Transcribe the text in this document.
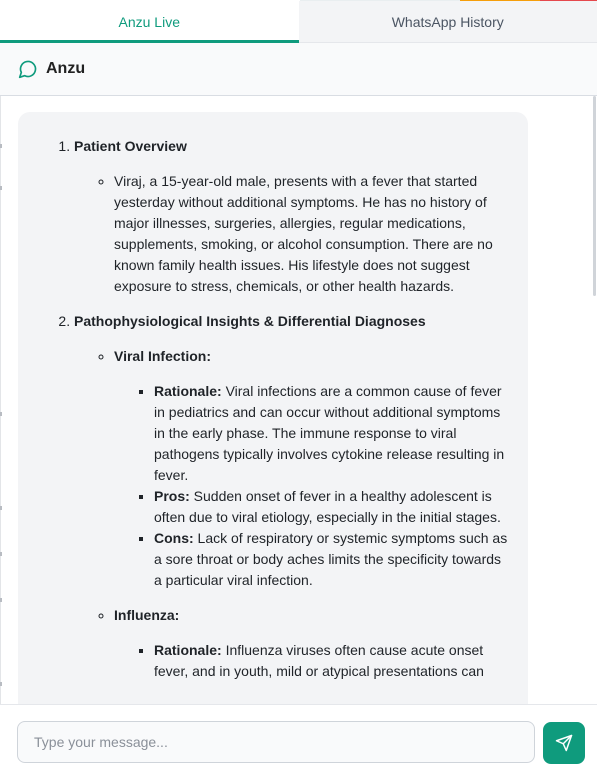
Anzu Live	WhatsApp History
Anzu
1. Patient Overview
◦ Viraj, a 15-year-old male, presents with a fever that started yesterday without additional symptoms. He has no history of major illnesses, surgeries, allergies, regular medications, supplements, smoking, or alcohol consumption. There are no known family health issues. His lifestyle does not suggest exposure to stress, chemicals, or other health hazards.
2. Pathophysiological Insights & Differential Diagnoses
◦ Viral Infection:
▪ Rationale: Viral infections are a common cause of fever in pediatrics and can occur without additional symptoms in the early phase. The immune response to viral pathogens typically involves cytokine release resulting in fever.
▪ Pros: Sudden onset of fever in a healthy adolescent is often due to viral etiology, especially in the initial stages.
▪ Cons: Lack of respiratory or systemic symptoms such as a sore throat or body aches limits the specificity towards a particular viral infection.
◦ Influenza:
▪ Rationale: Influenza viruses often cause acute onset fever, and in youth, mild or atypical presentations can
Type your message...
